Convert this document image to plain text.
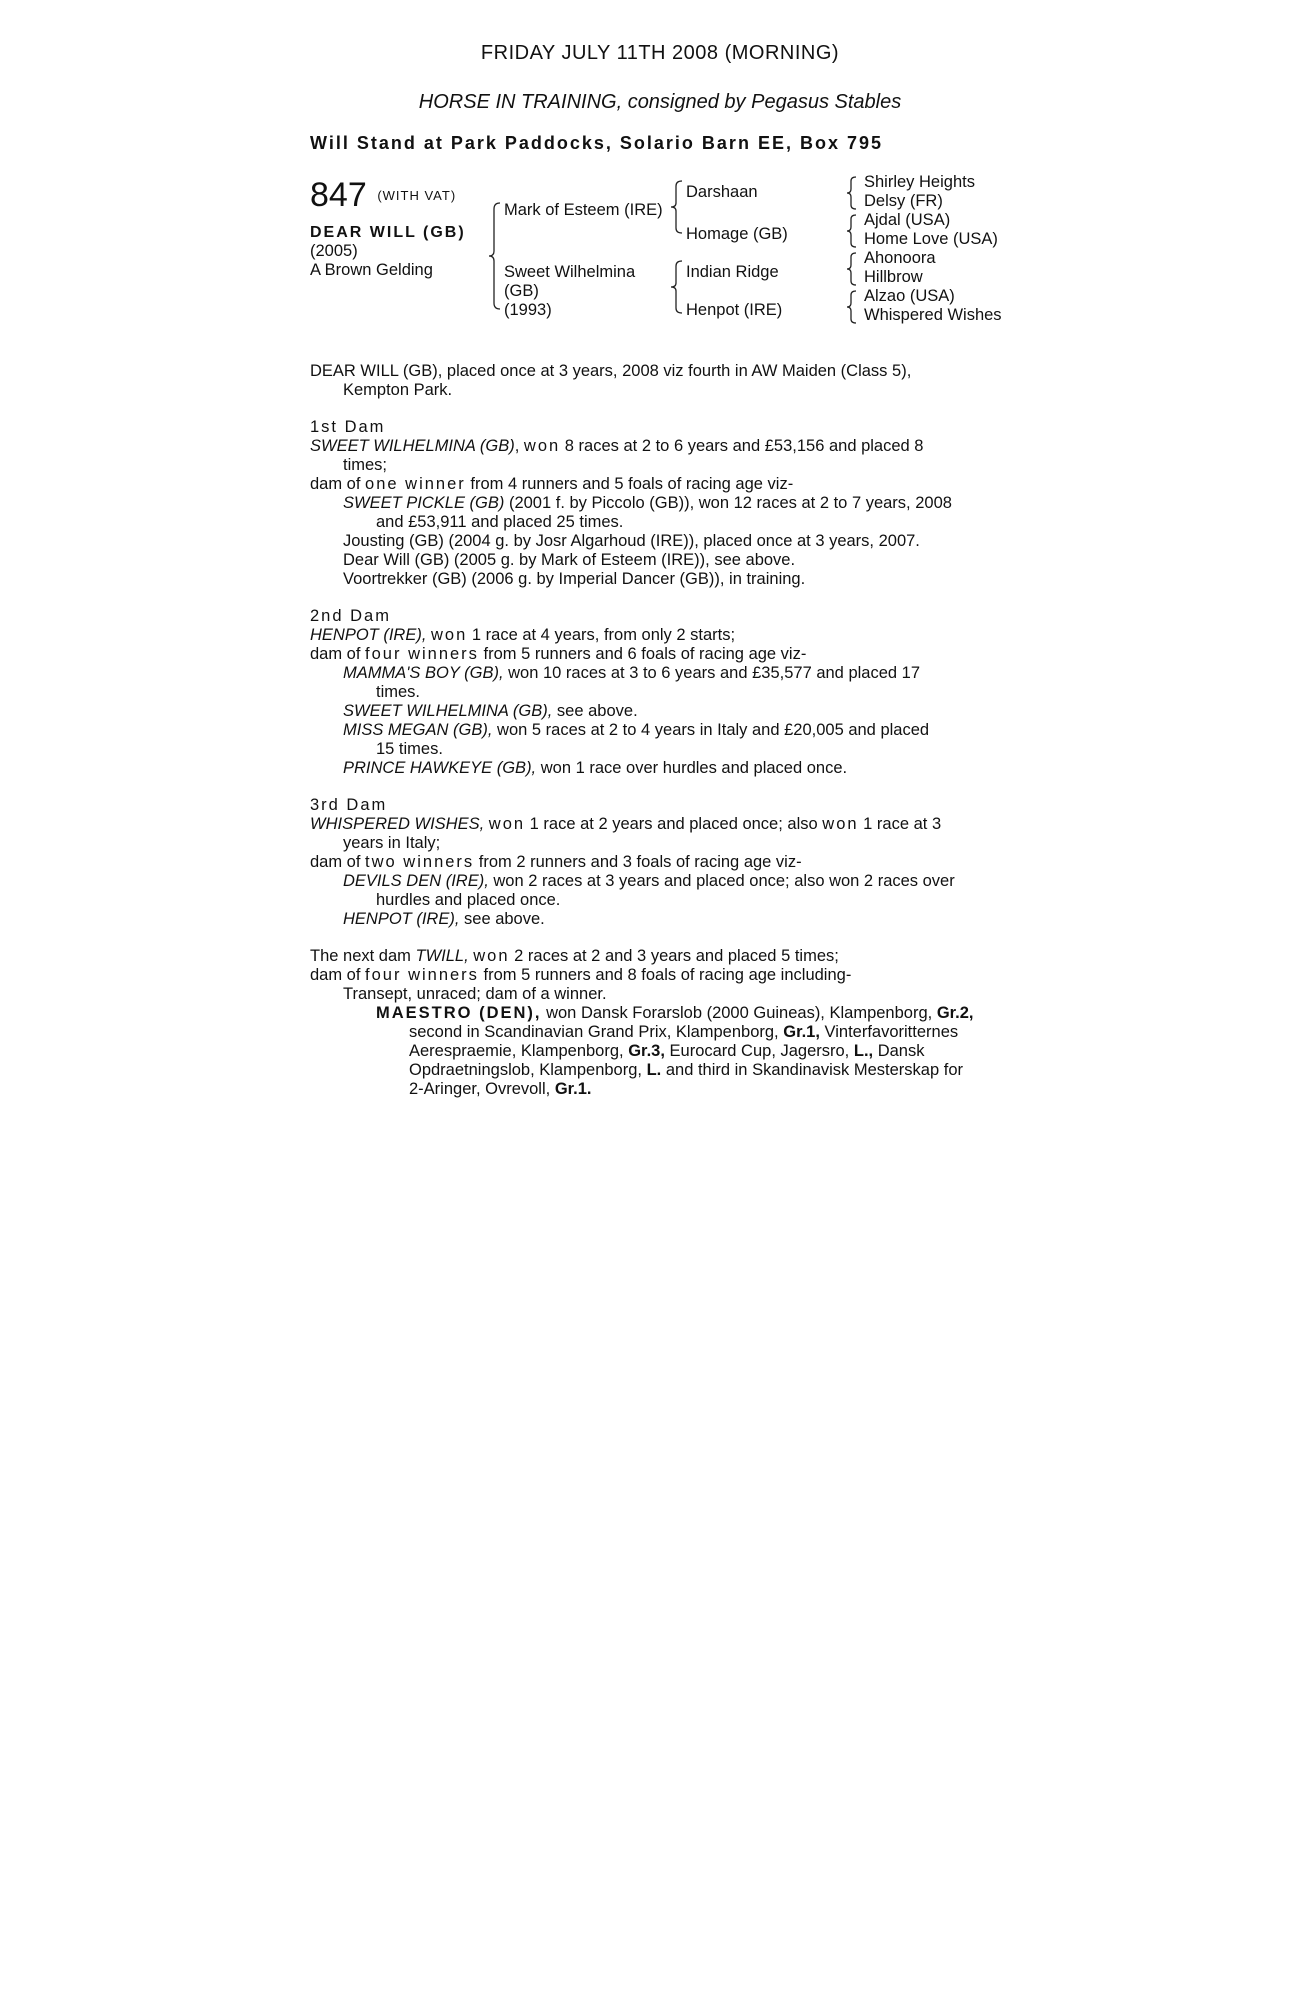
FRIDAY JULY 11TH 2008 (MORNING)
HORSE IN TRAINING, consigned by Pegasus Stables
Will Stand at Park Paddocks, Solario Barn EE, Box 795
847 $^{(WITH VAT)}$
DEAR WILL (GB)
(2005)
A Brown Gelding
Mark of Esteem (IRE)
Sweet Wilhelmina
(GB)
(1993)
Darshaan
Homage (GB)
Indian Ridge
Henpot (IRE)
Shirley Heights
Delsy (FR)
Ajdal (USA)
Home Love (USA)
Ahonoora
Hillbrow
Alzao (USA)
Whispered Wishes
DEAR WILL (GB), placed once at 3 years, 2008 viz fourth in AW Maiden (Class 5),
Kempton Park.
1st Dam
SWEET WILHELMINA (GB), won 8 races at 2 to 6 years and £53,156 and placed 8
times;
dam of one winner from 4 runners and 5 foals of racing age viz-
SWEET PICKLE (GB) (2001 f. by Piccolo (GB)), won 12 races at 2 to 7 years, 2008
and £53,911 and placed 25 times.
Jousting (GB) (2004 g. by Josr Algarhoud (IRE)), placed once at 3 years, 2007.
Dear Will (GB) (2005 g. by Mark of Esteem (IRE)), see above.
Voortrekker (GB) (2006 g. by Imperial Dancer (GB)), in training.
2nd Dam
HENPOT (IRE), won 1 race at 4 years, from only 2 starts;
dam of four winners from 5 runners and 6 foals of racing age viz-
MAMMA'S BOY (GB), won 10 races at 3 to 6 years and £35,577 and placed 17
times.
SWEET WILHELMINA (GB), see above.
MISS MEGAN (GB), won 5 races at 2 to 4 years in Italy and £20,005 and placed
15 times.
PRINCE HAWKEYE (GB), won 1 race over hurdles and placed once.
3rd Dam
WHISPERED WISHES, won 1 race at 2 years and placed once; also won 1 race at 3
years in Italy;
dam of two winners from 2 runners and 3 foals of racing age viz-
DEVILS DEN (IRE), won 2 races at 3 years and placed once; also won 2 races over
hurdles and placed once.
HENPOT (IRE), see above.
The next dam TWILL, won 2 races at 2 and 3 years and placed 5 times;
dam of four winners from 5 runners and 8 foals of racing age including-
Transept, unraced; dam of a winner.
MAESTRO (DEN), won Dansk Forarslob (2000 Guineas), Klampenborg, Gr.2,
second in Scandinavian Grand Prix, Klampenborg, Gr.1, Vinterfavoritternes
Aerespraemie, Klampenborg, Gr.3, Eurocard Cup, Jagersro, L., Dansk
Opdraetningslob, Klampenborg, L. and third in Skandinavisk Mesterskap for
2-Aringer, Ovrevoll, Gr.1.
